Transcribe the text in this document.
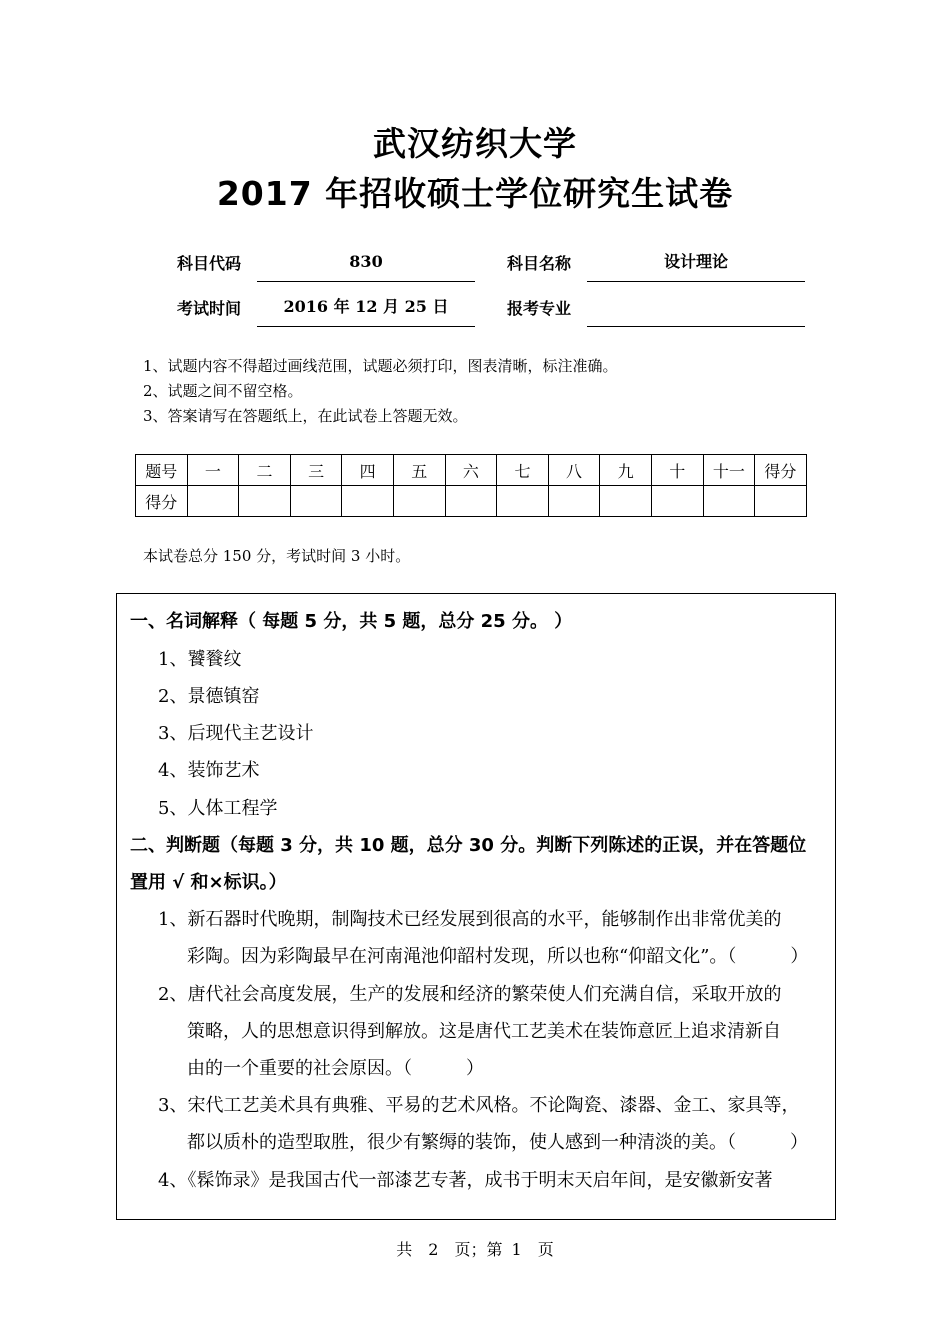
武汉纺织大学
2017 年招收硕士学位研究生试卷
科目代码	830	科目名称	设计理论
考试时间	2016 年 12 月 25 日	报考专业
1、试题内容不得超过画线范围，试题必须打印，图表清晰，标注准确。
2、试题之间不留空格。
3、答案请写在答题纸上，在此试卷上答题无效。
题号	一	二	三	四	五	六	七	八	九	十	十一	得分
得分												
本试卷总分 150 分，考试时间 3 小时。
一、名词解释（ 每题 5 分，共 5 题，总分 25 分。 ）
1、饕餮纹
2、景德镇窑
3、后现代主艺设计
4、装饰艺术
5、人体工程学
二、判断题（每题 3 分，共 10 题，总分 30 分。判断下列陈述的正误，并在答题位
置用 √ 和×标识。）
1、新石器时代晚期，制陶技术已经发展到很高的水平，能够制作出非常优美的
彩陶。因为彩陶最早在河南渑池仰韶村发现，所以也称“仰韶文化”。（　　　）
2、唐代社会高度发展，生产的发展和经济的繁荣使人们充满自信，采取开放的
策略，人的思想意识得到解放。这是唐代工艺美术在装饰意匠上追求清新自
由的一个重要的社会原因。（　　　）
3、宋代工艺美术具有典雅、平易的艺术风格。不论陶瓷、漆器、金工、家具等，
都以质朴的造型取胜，很少有繁缛的装饰，使人感到一种清淡的美。（　　　）
4、《髹饰录》是我国古代一部漆艺专著，成书于明末天启年间，是安徽新安著
共　2　页；第 1　页
